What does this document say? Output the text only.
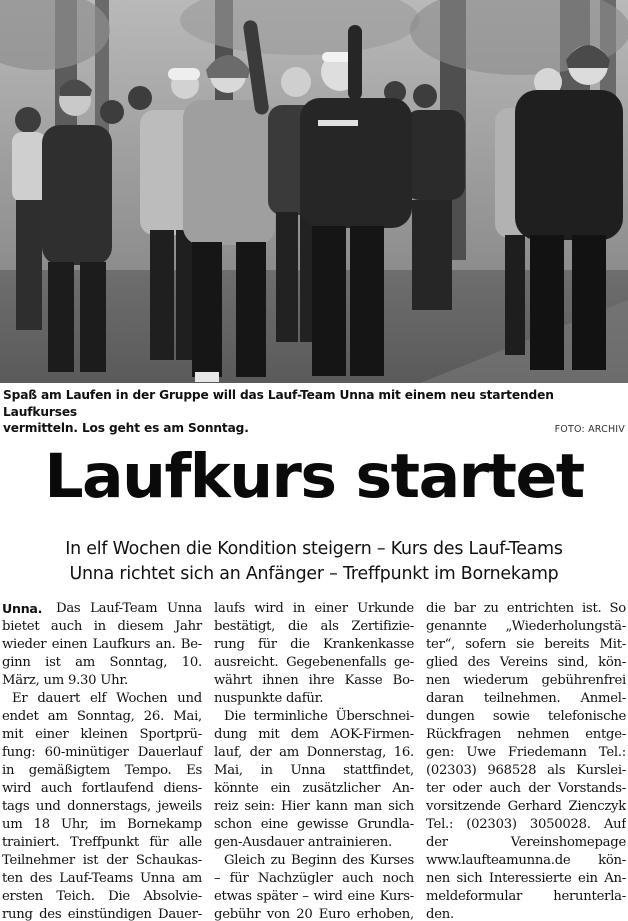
Spaß am Laufen in der Gruppe will das Lauf-Team Unna mit einem neu startenden Laufkurses
vermitteln. Los geht es am Sonntag.	FOTO: ARCHIV
Laufkurs startet
In elf Wochen die Kondition steigern – Kurs des Lauf-Teams
Unna richtet sich an Anfänger – Treffpunkt im Bornekamp
Unna. Das Lauf-Team Unna
bietet auch in diesem Jahr
wieder einen Laufkurs an. Be-
ginn ist am Sonntag, 10.
März, um 9.30 Uhr.
Er dauert elf Wochen und
endet am Sonntag, 26. Mai,
mit einer kleinen Sportprü-
fung: 60-minütiger Dauerlauf
in gemäßigtem Tempo. Es
wird auch fortlaufend diens-
tags und donnerstags, jeweils
um 18 Uhr, im Bornekamp
trainiert. Treffpunkt für alle
Teilnehmer ist der Schaukas-
ten des Lauf-Teams Unna am
ersten Teich. Die Absolvie-
rung des einstündigen Dauer-
laufs wird in einer Urkunde
bestätigt, die als Zertifizie-
rung für die Krankenkasse
ausreicht. Gegebenenfalls ge-
währt ihnen ihre Kasse Bo-
nuspunkte dafür.
Die terminliche Überschnei-
dung mit dem AOK-Firmen-
lauf, der am Donnerstag, 16.
Mai, in Unna stattfindet,
könnte ein zusätzlicher An-
reiz sein: Hier kann man sich
schon eine gewisse Grundla-
gen-Ausdauer antrainieren.
Gleich zu Beginn des Kurses
– für Nachzügler auch noch
etwas später – wird eine Kurs-
gebühr von 20 Euro erhoben,
die bar zu entrichten ist. So
genannte „Wiederholungstä-
ter“, sofern sie bereits Mit-
glied des Vereins sind, kön-
nen wiederum gebührenfrei
daran teilnehmen. Anmel-
dungen sowie telefonische
Rückfragen nehmen entge-
gen: Uwe Friedemann Tel.:
(02303) 968528 als Kurslei-
ter oder auch der Vorstands-
vorsitzende Gerhard Zienczyk
Tel.: (02303) 3050028. Auf
der	Vereinshomepage
www.laufteamunna.de kön-
nen sich Interessierte ein An-
meldeformular herunterla-
den.
